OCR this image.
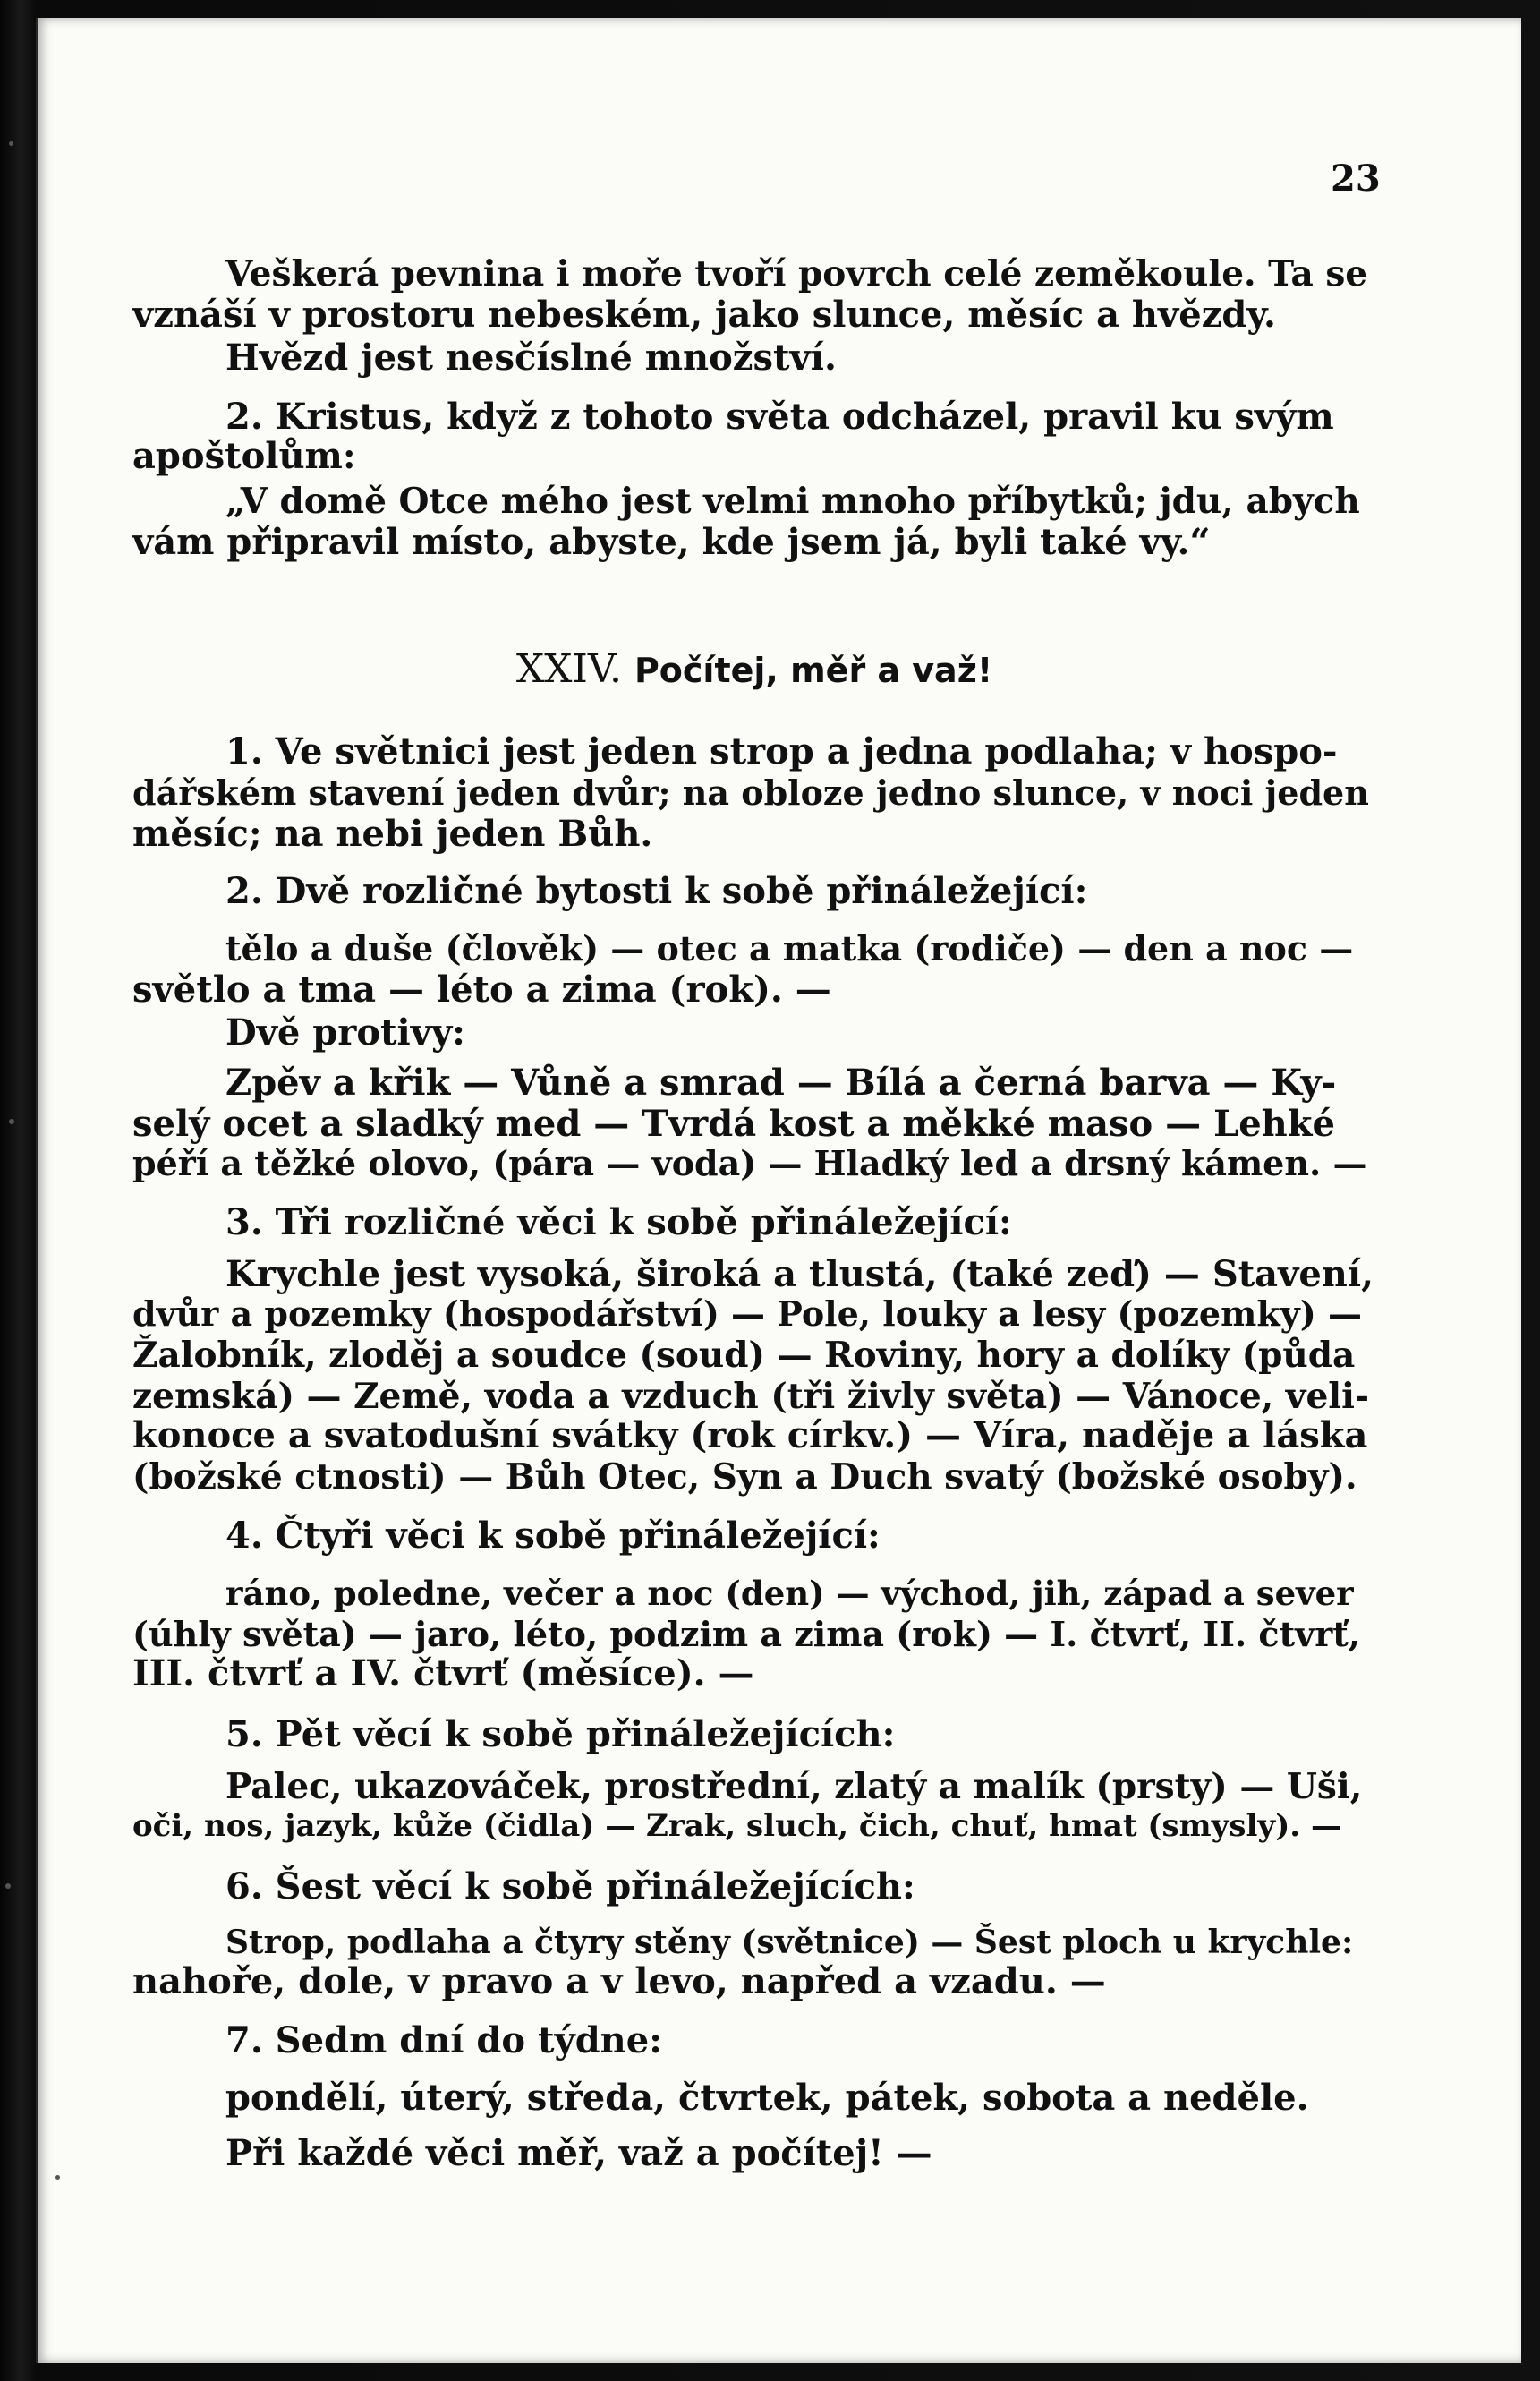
23
Veškerá pevnina i moře tvoří povrch celé zeměkoule. Ta se
vznáší v prostoru nebeském, jako slunce, měsíc a hvězdy.
Hvězd jest nesčíslné množství.
2. Kristus, když z tohoto světa odcházel, pravil ku svým
apoštolům:
„V domě Otce mého jest velmi mnoho příbytků; jdu, abych
vám připravil místo, abyste, kde jsem já, byli také vy.“
XXIV. Počítej, měř a važ!
1. Ve světnici jest jeden strop a jedna podlaha; v hospo-
dářském stavení jeden dvůr; na obloze jedno slunce, v noci jeden
měsíc; na nebi jeden Bůh.
2. Dvě rozličné bytosti k sobě přináležející:
tělo a duše (člověk) — otec a matka (rodiče) — den a noc —
světlo a tma — léto a zima (rok). —
Dvě protivy:
Zpěv a křik — Vůně a smrad — Bílá a černá barva — Ky-
selý ocet a sladký med — Tvrdá kost a měkké maso — Lehké
péří a těžké olovo, (pára — voda) — Hladký led a drsný kámen. —
3. Tři rozličné věci k sobě přináležející:
Krychle jest vysoká, široká a tlustá, (také zeď) — Stavení,
dvůr a pozemky (hospodářství) — Pole, louky a lesy (pozemky) —
Žalobník, zloděj a soudce (soud) — Roviny, hory a dolíky (půda
zemská) — Země, voda a vzduch (tři živly světa) — Vánoce, veli-
konoce a svatodušní svátky (rok církv.) — Víra, naděje a láska
(božské ctnosti) — Bůh Otec, Syn a Duch svatý (božské osoby).
4. Čtyři věci k sobě přináležející:
ráno, poledne, večer a noc (den) — východ, jih, západ a sever
(úhly světa) — jaro, léto, podzim a zima (rok) — I. čtvrť, II. čtvrť,
III. čtvrť a IV. čtvrť (měsíce). —
5. Pět věcí k sobě přináležejících:
Palec, ukazováček, prostřední, zlatý a malík (prsty) — Uši,
oči, nos, jazyk, kůže (čidla) — Zrak, sluch, čich, chuť, hmat (smysly). —
6. Šest věcí k sobě přináležejících:
Strop, podlaha a čtyry stěny (světnice) — Šest ploch u krychle:
nahoře, dole, v pravo a v levo, napřed a vzadu. —
7. Sedm dní do týdne:
pondělí, úterý, středa, čtvrtek, pátek, sobota a neděle.
Při každé věci měř, važ a počítej! —
